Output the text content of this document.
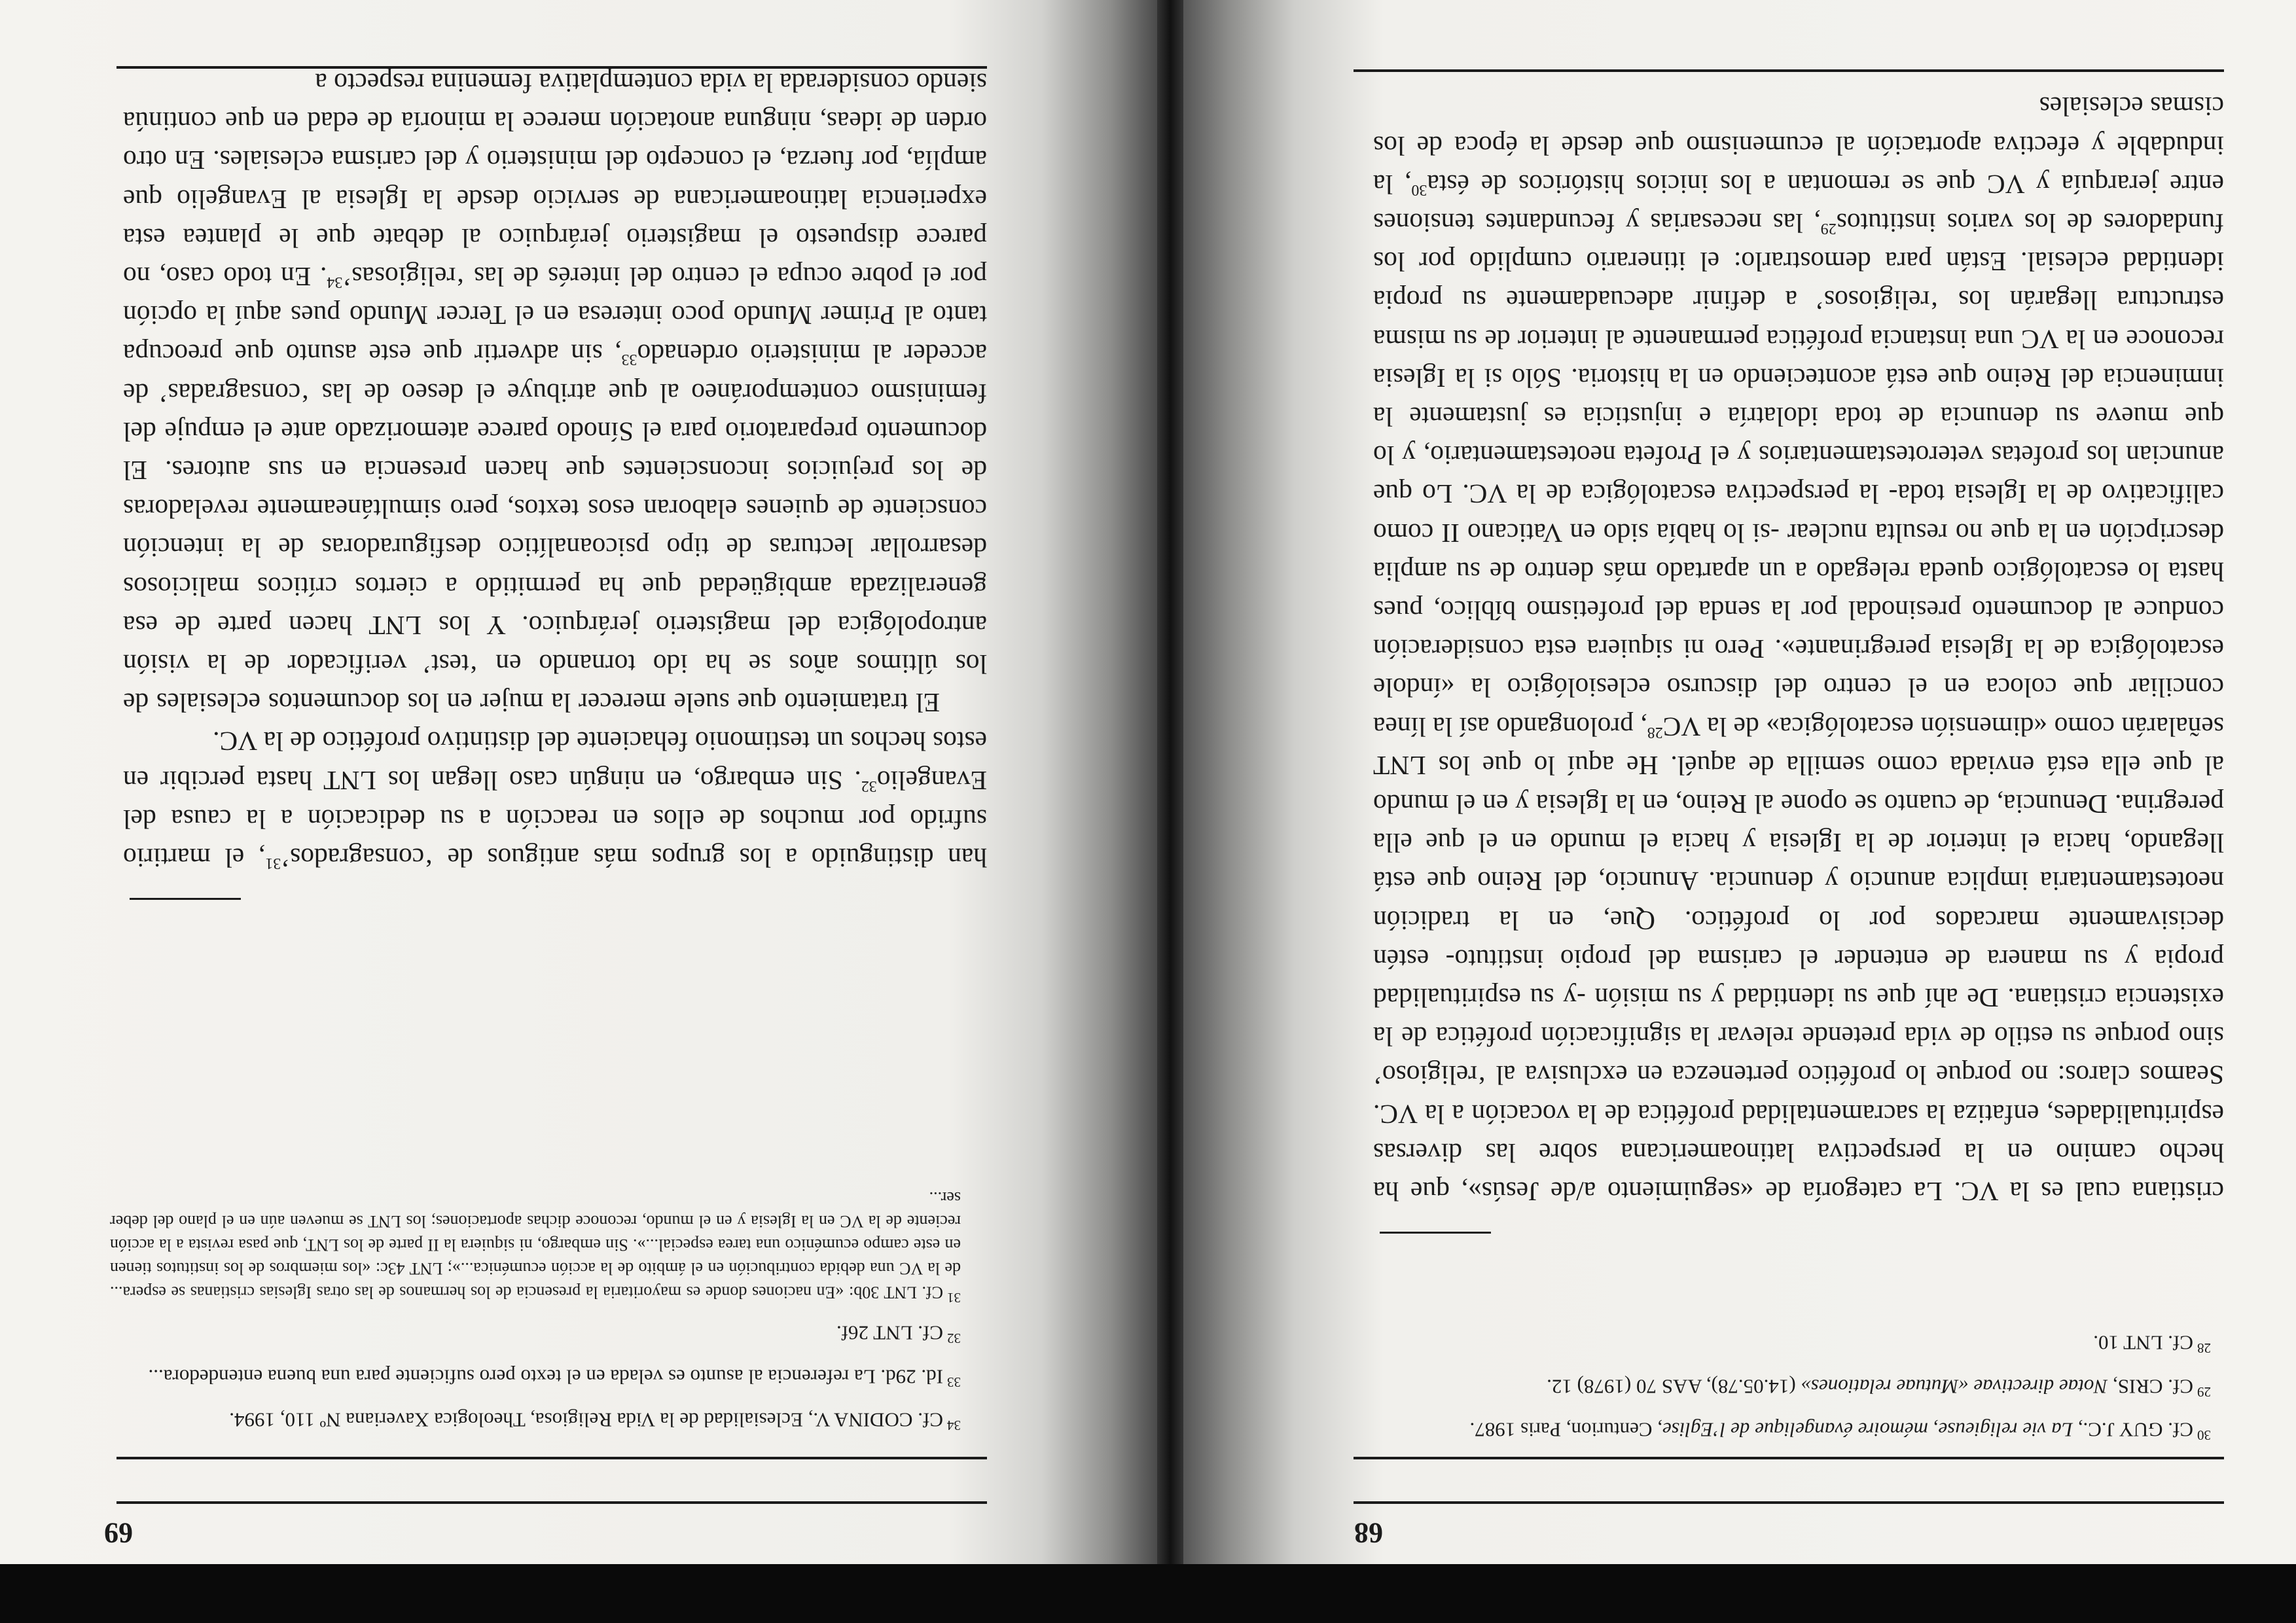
68

$^{30}$Cf. GUY J.C., La vie religieuse, mémoire évangelique de l’Eglise, Centurion, Paris 1987.

$^{29}$Cf. CRIS, Notae directivae «Mutuae relationes» (14.05.78), AAS 70 (1978) 12.

$^{28}$Cf. LNT 10.

cristiana cual es la VC. La categoría de «seguimiento a/de Jesús», que ha hecho camino en la perspectiva latinoamericana sobre las diversas espiritualidades, enfatiza la sacramentalidad profética de la vocación a la VC. Seamos claros: no porque lo profético pertenezca en exclusiva al ‘religioso’ sino porque su estilo de vida pretende relevar la significación profética de la existencia cristiana. De ahí que su identidad y su misión -y su espiritualidad propia y su manera de entender el carisma del propio instituto- estén decisivamente marcados por lo profético. Que, en la tradición neotestamentaria implica anuncio y denuncia. Anuncio, del Reino que está llegando, hacia el interior de la Iglesia y hacia el mundo en el que ella peregrina. Denuncia, de cuanto se opone al Reino, en la Iglesia y en el mundo al que ella está enviada como semilla de aquél. He aquí lo que los LNT señalarán como «dimensión escatológica» de la VC$^{28}$, prolongando así la línea conciliar que coloca en el centro del discurso eclesiológico la «índole escatológica de la Iglesia peregrinante». Pero ni siquiera esta consideración conduce al documento presinodal por la senda del profetismo bíblico, pues hasta lo escatológico queda relegado a un apartado más dentro de su amplia descripción en la que no resulta nuclear -si lo había sido en Vaticano II como calificativo de la Iglesia toda- la perspectiva escatológica de la VC. Lo que anuncian los profetas veterotestamentarios y el Profeta neotestamentario, y lo que mueve su denuncia de toda idolatría e injusticia es justamente la inminencia del Reino que está aconteciendo en la historia. Sólo si la Iglesia reconoce en la VC una instancia profética permanente al interior de su misma estructura llegarán los ‘religiosos’ a definir adecuadamente su propia identidad eclesial. Están para demostrarlo: el itinerario cumplido por los fundadores de los varios institutos$^{29}$, las necesarias y fecundantes tensiones entre jerarquía y VC que se remontan a los inicios históricos de ésta$^{30}$, la indudable y efectiva aportación al ecumenismo que desde la época de los cismas eclesiales

69

$^{34}$Cf. CODINA V., Eclesialidad de la Vida Religiosa, Theologica Xaveriana Nº 110, 1994.

$^{33}$Id. 29d. La referencia al asunto es velada en el texto pero suficiente para una buena entendedora...

$^{32}$Cf. LNT 26f.

$^{31}$Cf. LNT 30b: «En naciones donde es mayoritaria la presencia de los hermanos de las otras Iglesias cristianas se espera... de la VC una debida contribución en el ámbito de la acción ecuménica...»; LNT 43c: «los miembros de los institutos tienen en este campo ecuménico una tarea especial...». Sin embargo, ni siquiera la II parte de los LNT, que pasa revista a la acción reciente de la VC en la Iglesia y en el mundo, reconoce dichas aportaciones; los LNT se mueven aún en el plano del deber ser...

han distinguido a los grupos más antiguos de ‘consagrados’$^{31}$, el martirio sufrido por muchos de ellos en reacción a su dedicación a la causa del Evangelio$^{32}$. Sin embargo, en ningún caso llegan los LNT hasta percibir en estos hechos un testimonio fehaciente del distintivo profético de la VC.

El tratamiento que suele merecer la mujer en los documentos eclesiales de los últimos años se ha ido tornando en ‘test’ verificador de la visión antropológica del magisterio jerárquico. Y los LNT hacen parte de esa generalizada ambigüedad que ha permitido a ciertos críticos maliciosos desarrollar lecturas de tipo psicoanalítico desfiguradoras de la intención consciente de quienes elaboran esos textos, pero simultáneamente reveladoras de los prejuicios inconscientes que hacen presencia en sus autores. El documento preparatorio para el Sínodo parece atemorizado ante el empuje del feminismo contemporáneo al que atribuye el deseo de las ‘consagradas’ de acceder al ministerio ordenado$^{33}$, sin advertir que este asunto que preocupa tanto al Primer Mundo poco interesa en el Tercer Mundo pues aquí la opción por el pobre ocupa el centro del interés de las ‘religiosas’$^{34}$. En todo caso, no parece dispuesto el magisterio jerárquico al debate que le plantea esta experiencia latinoamericana de servicio desde la Iglesia al Evangelio que amplía, por fuerza, el concepto del ministerio y del carisma eclesiales. En otro orden de ideas, ninguna anotación merece la minoría de edad en que continúa siendo considerada la vida contemplativa femenina respecto a
